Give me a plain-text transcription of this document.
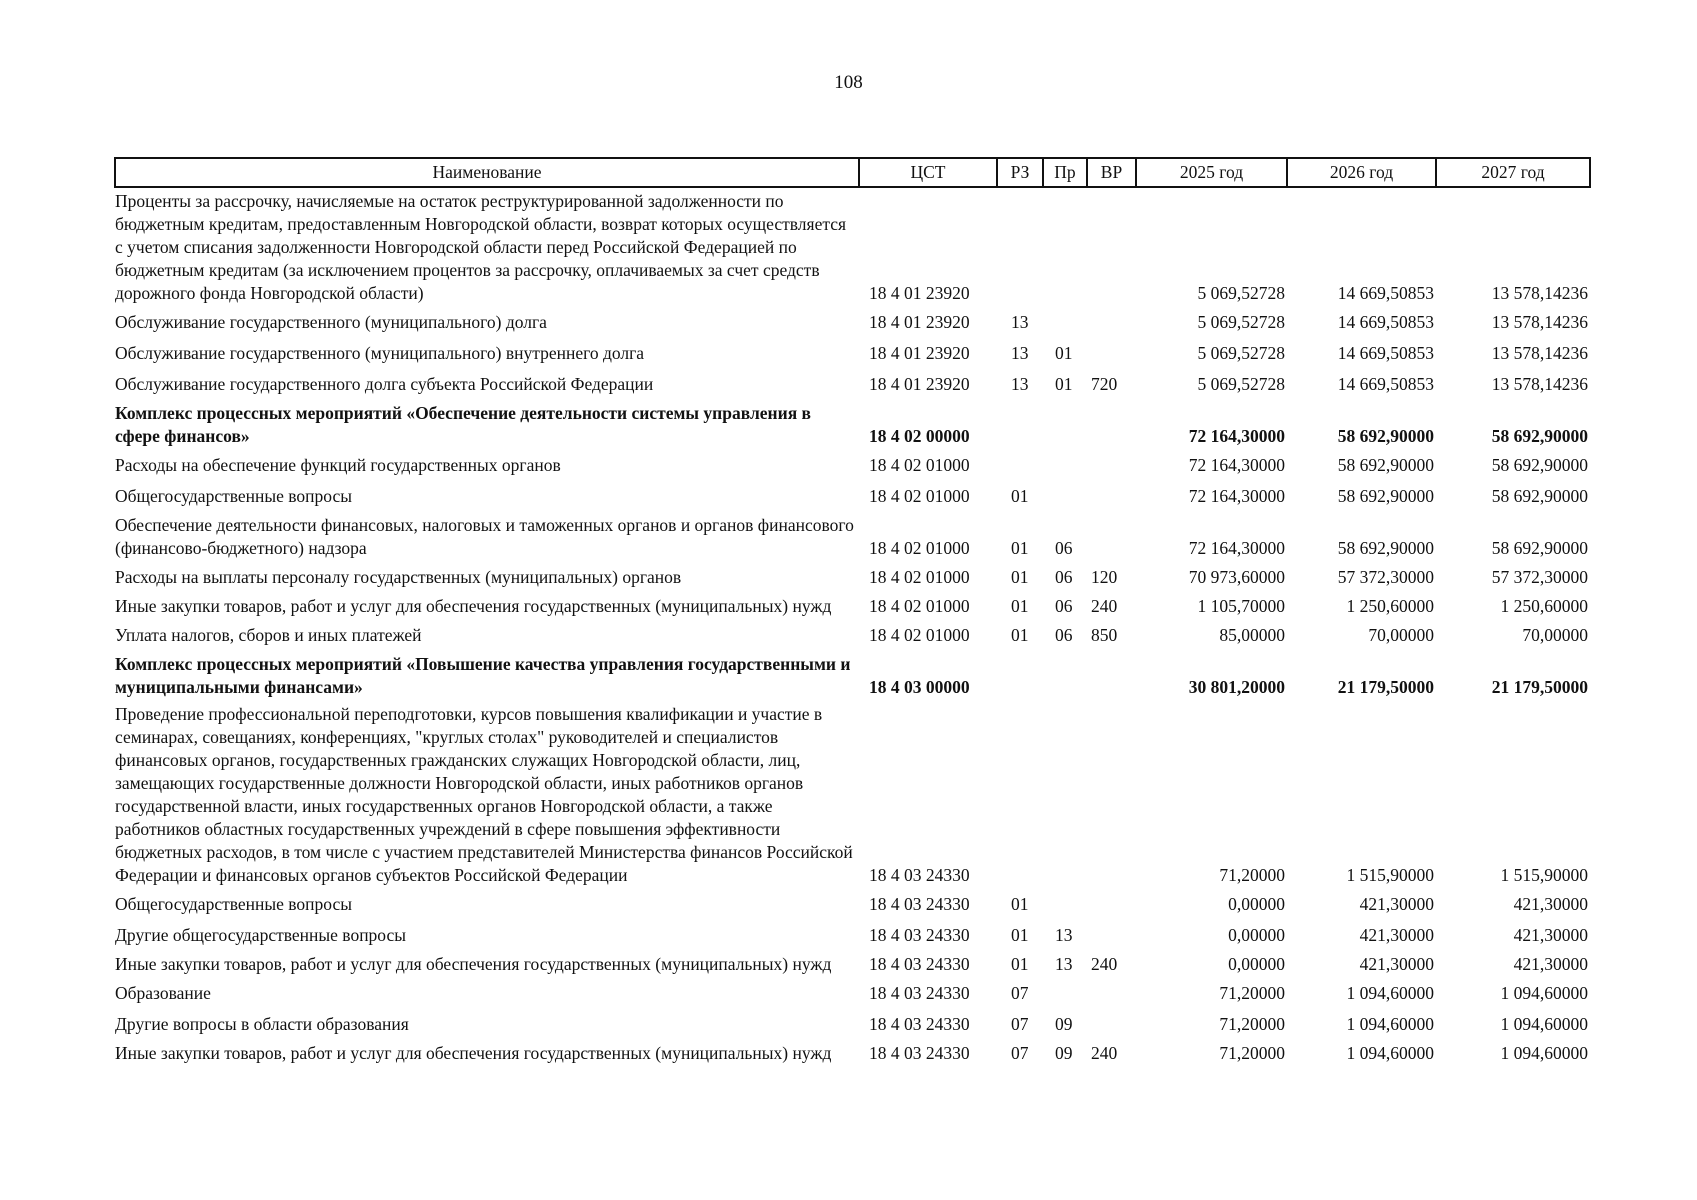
108
Наименование	ЦСТ	РЗ	Пр	ВР	2025 год	2026 год	2027 год
Проценты за рассрочку, начисляемые на остаток реструктурированной задолженности по бюджетным кредитам, предоставленным Новгородской области, возврат которых осуществляется с учетом списания задолженности Новгородской области перед Российской Федерацией по бюджетным кредитам (за исключением процентов за рассрочку, оплачиваемых за счет средств дорожного фонда Новгородской области)	18 4 01 23920				5 069,52728	14 669,50853	13 578,14236
Обслуживание государственного (муниципального) долга	18 4 01 23920	13			5 069,52728	14 669,50853	13 578,14236
Обслуживание государственного (муниципального) внутреннего долга	18 4 01 23920	13	01		5 069,52728	14 669,50853	13 578,14236
Обслуживание государственного долга субъекта Российской Федерации	18 4 01 23920	13	01	720	5 069,52728	14 669,50853	13 578,14236
Комплекс процессных мероприятий «Обеспечение деятельности системы управления в сфере финансов»	18 4 02 00000				72 164,30000	58 692,90000	58 692,90000
Расходы на обеспечение функций государственных органов	18 4 02 01000				72 164,30000	58 692,90000	58 692,90000
Общегосударственные вопросы	18 4 02 01000	01			72 164,30000	58 692,90000	58 692,90000
Обеспечение деятельности финансовых, налоговых и таможенных органов и органов финансового (финансово-бюджетного) надзора	18 4 02 01000	01	06		72 164,30000	58 692,90000	58 692,90000
Расходы на выплаты персоналу государственных (муниципальных) органов	18 4 02 01000	01	06	120	70 973,60000	57 372,30000	57 372,30000
Иные закупки товаров, работ и услуг для обеспечения государственных (муниципальных) нужд	18 4 02 01000	01	06	240	1 105,70000	1 250,60000	1 250,60000
Уплата налогов, сборов и иных платежей	18 4 02 01000	01	06	850	85,00000	70,00000	70,00000
Комплекс процессных мероприятий «Повышение качества управления государственными и муниципальными финансами»	18 4 03 00000				30 801,20000	21 179,50000	21 179,50000
Проведение профессиональной переподготовки, курсов повышения квалификации и участие в семинарах, совещаниях, конференциях, "круглых столах" руководителей и специалистов финансовых органов, государственных гражданских служащих Новгородской области, лиц, замещающих государственные должности Новгородской области, иных работников органов государственной власти, иных государственных органов Новгородской области, а также работников областных государственных учреждений в сфере повышения эффективности бюджетных расходов, в том числе с участием представителей Министерства финансов Российской Федерации и финансовых органов субъектов Российской Федерации	18 4 03 24330				71,20000	1 515,90000	1 515,90000
Общегосударственные вопросы	18 4 03 24330	01			0,00000	421,30000	421,30000
Другие общегосударственные вопросы	18 4 03 24330	01	13		0,00000	421,30000	421,30000
Иные закупки товаров, работ и услуг для обеспечения государственных (муниципальных) нужд	18 4 03 24330	01	13	240	0,00000	421,30000	421,30000
Образование	18 4 03 24330	07			71,20000	1 094,60000	1 094,60000
Другие вопросы в области образования	18 4 03 24330	07	09		71,20000	1 094,60000	1 094,60000
Иные закупки товаров, работ и услуг для обеспечения государственных (муниципальных) нужд	18 4 03 24330	07	09	240	71,20000	1 094,60000	1 094,60000
